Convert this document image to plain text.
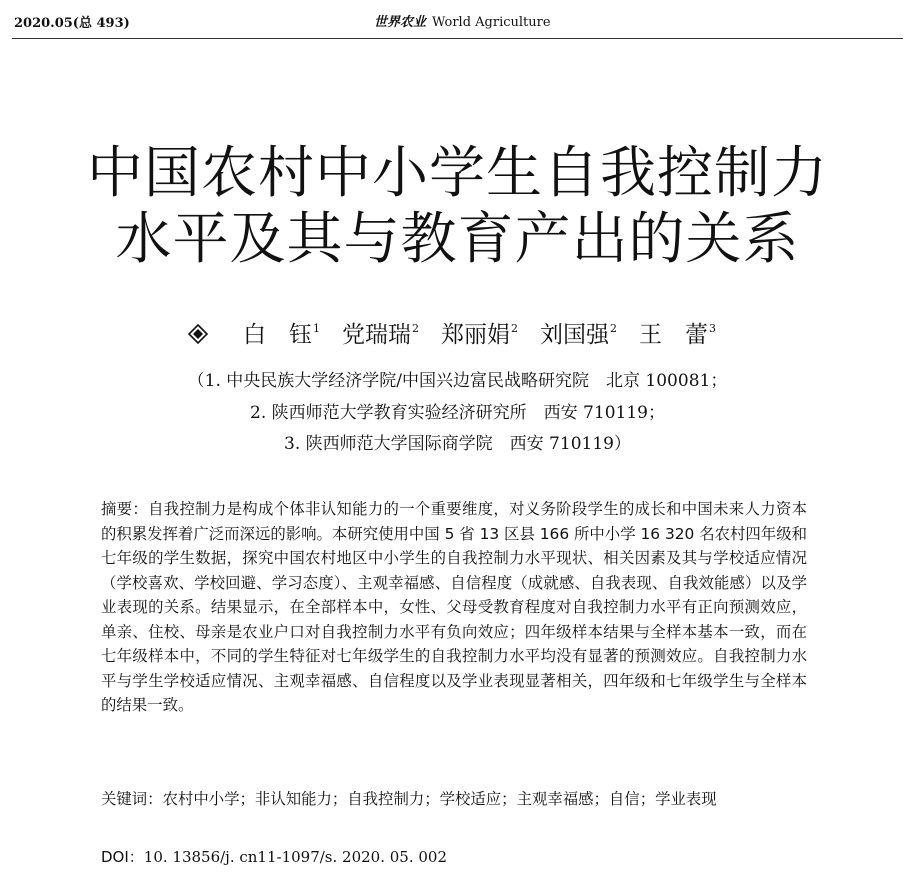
2020.05(总 493)	世界农业 World Agriculture
中国农村中小学生自我控制力
水平及其与教育产出的关系
白　钰$^1$ 党瑞瑞$^2$ 郑丽娟$^2$ 刘国强$^2$ 王　蕾$^3$
（1. 中央民族大学经济学院/中国兴边富民战略研究院　北京 100081；
2. 陕西师范大学教育实验经济研究所　西安 710119；
3. 陕西师范大学国际商学院　西安 710119）
摘要：自我控制力是构成个体非认知能力的一个重要维度，对义务阶段学生的成长和中国未来人力资本的积累发挥着广泛而深远的影响。本研究使用中国 5 省 13 区县 166 所中小学 16 320 名农村四年级和七年级的学生数据，探究中国农村地区中小学生的自我控制力水平现状、相关因素及其与学校适应情况（学校喜欢、学校回避、学习态度）、主观幸福感、自信程度（成就感、自我表现、自我效能感）以及学业表现的关系。结果显示，在全部样本中，女性、父母受教育程度对自我控制力水平有正向预测效应，单亲、住校、母亲是农业户口对自我控制力水平有负向效应；四年级样本结果与全样本基本一致，而在七年级样本中，不同的学生特征对七年级学生的自我控制力水平均没有显著的预测效应。自我控制力水平与学生学校适应情况、主观幸福感、自信程度以及学业表现显著相关，四年级和七年级学生与全样本的结果一致。
关键词：农村中小学；非认知能力；自我控制力；学校适应；主观幸福感；自信；学业表现
DOI：10. 13856/j. cn11-1097/s. 2020. 05. 002
